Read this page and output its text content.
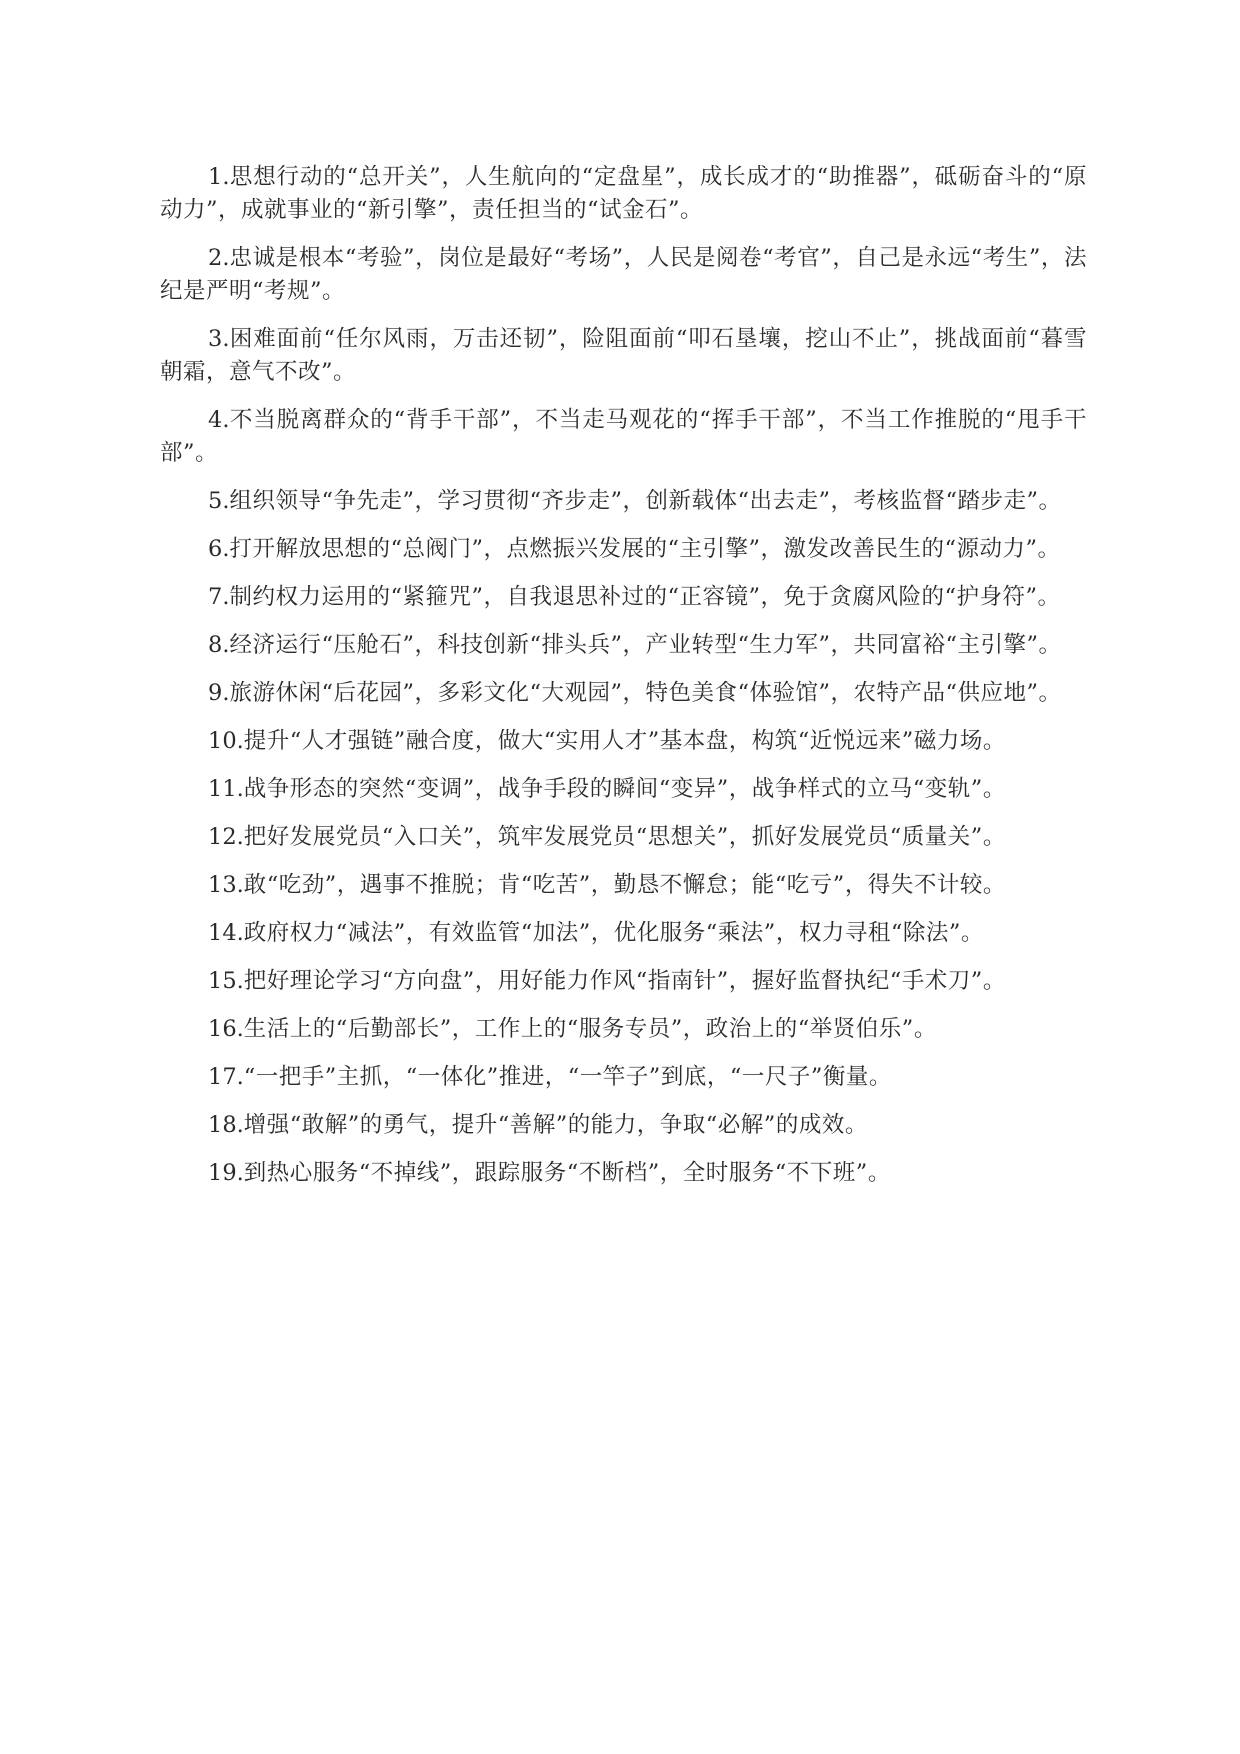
1.思想行动的“总开关”，人生航向的“定盘星”，成长成才的“助推器”，砥砺奋斗的“原动力”，成就事业的“新引擎”，责任担当的“试金石”。

2.忠诚是根本“考验”，岗位是最好“考场”，人民是阅卷“考官”，自己是永远“考生”，法纪是严明“考规”。

3.困难面前“任尔风雨，万击还韧”，险阻面前“叩石垦壤，挖山不止”，挑战面前“暮雪朝霜，意气不改”。

4.不当脱离群众的“背手干部”，不当走马观花的“挥手干部”，不当工作推脱的“甩手干部”。

5.组织领导“争先走”，学习贯彻“齐步走”，创新载体“出去走”，考核监督“踏步走”。

6.打开解放思想的“总阀门”，点燃振兴发展的“主引擎”，激发改善民生的“源动力”。

7.制约权力运用的“紧箍咒”，自我退思补过的“正容镜”，免于贪腐风险的“护身符”。

8.经济运行“压舱石”，科技创新“排头兵”，产业转型“生力军”，共同富裕“主引擎”。

9.旅游休闲“后花园”，多彩文化“大观园”，特色美食“体验馆”，农特产品“供应地”。

10.提升“人才强链”融合度，做大“实用人才”基本盘，构筑“近悦远来”磁力场。

11.战争形态的突然“变调”，战争手段的瞬间“变异”，战争样式的立马“变轨”。

12.把好发展党员“入口关”，筑牢发展党员“思想关”，抓好发展党员“质量关”。

13.敢“吃劲”，遇事不推脱；肯“吃苦”，勤恳不懈怠；能“吃亏”，得失不计较。

14.政府权力“减法”，有效监管“加法”，优化服务“乘法”，权力寻租“除法”。

15.把好理论学习“方向盘”，用好能力作风“指南针”，握好监督执纪“手术刀”。

16.生活上的“后勤部长”，工作上的“服务专员”，政治上的“举贤伯乐”。

17.“一把手”主抓，“一体化”推进，“一竿子”到底，“一尺子”衡量。

18.增强“敢解”的勇气，提升“善解”的能力，争取“必解”的成效。

19.到热心服务“不掉线”，跟踪服务“不断档”，全时服务“不下班”。
